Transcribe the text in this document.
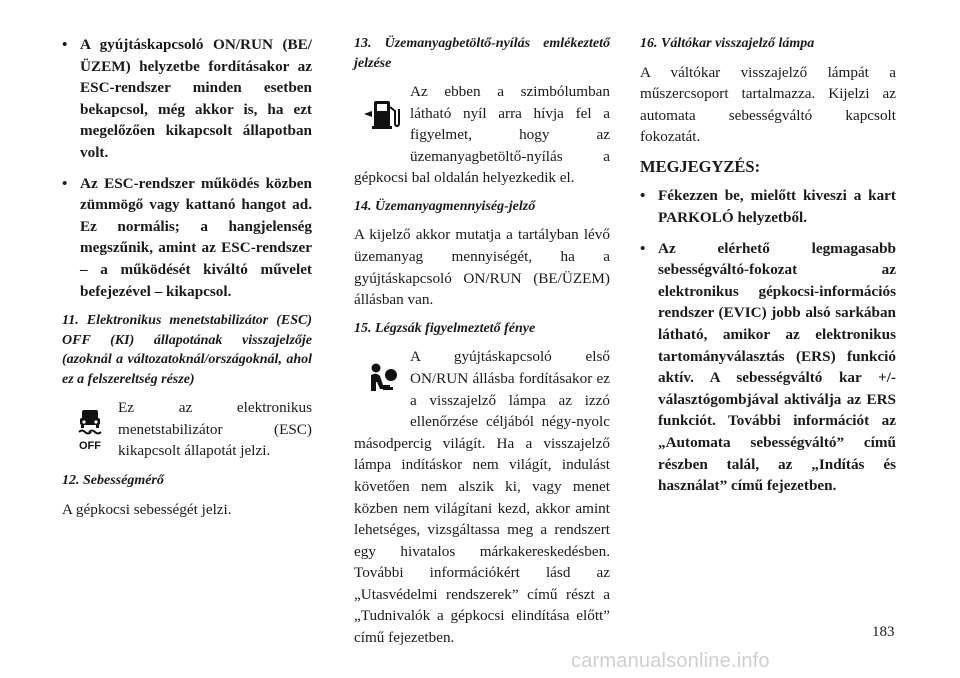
• A gyújtáskapcsoló ON/RUN (BE/ÜZEM) helyzetbe fordításakor az ESC-rendszer minden esetben bekapcsol, még akkor is, ha ezt megelőzően kikapcsolt állapotban volt.
• Az ESC-rendszer működés közben zümmögő vagy kattanó hangot ad. Ez normális; a hangjelenség megszűnik, amint az ESC-rendszer – a működését kiváltó művelet befejezével – kikapcsol.
11. Elektronikus menetstabilizátor (ESC) OFF (KI) állapotának visszajelzője (azoknál a változatoknál/országoknál, ahol ez a felszereltség része)
OFF
Ez az elektronikus menetstabilizátor (ESC) kikapcsolt állapotát jelzi.
12. Sebességmérő
A gépkocsi sebességét jelzi.
13. Üzemanyagbetöltő-nyílás emlékeztető jelzése
Az ebben a szimbólumban látható nyíl arra hívja fel a figyelmet, hogy az üzemanyagbetöltő-nyílás a gépkocsi bal oldalán helyezkedik el.
14. Üzemanyagmennyiség-jelző
A kijelző akkor mutatja a tartályban lévő üzemanyag mennyiségét, ha a gyújtáskapcsoló ON/RUN (BE/ÜZEM) állásban van.
15. Légzsák figyelmeztető fénye
A gyújtáskapcsoló első ON/RUN állásba fordításakor ez a visszajelző lámpa az izzó ellenőrzése céljából négy-nyolc másodpercig világít. Ha a visszajelző lámpa indításkor nem világít, indulást követően nem alszik ki, vagy menet közben nem világítani kezd, akkor amint lehetséges, vizsgáltassa meg a rendszert egy hivatalos márkakereskedésben. További információkért lásd az „Utasvédelmi rendszerek” című részt a „Tudnivalók a gépkocsi elindítása előtt” című fejezetben.
16. Váltókar visszajelző lámpa
A váltókar visszajelző lámpát a műszercsoport tartalmazza. Kijelzi az automata sebességváltó kapcsolt fokozatát.
MEGJEGYZÉS:
• Fékezzen be, mielőtt kiveszi a kart PARKOLÓ helyzetből.
• Az elérhető legmagasabb sebességváltó-fokozat az elektronikus gépkocsi-információs rendszer (EVIC) jobb alsó sarkában látható, amikor az elektronikus tartományválasztás (ERS) funkció aktív. A sebességváltó kar +/- választógombjával aktiválja az ERS funkciót. További információt az „Automata sebességváltó” című részben talál, az „Indítás és használat” című fejezetben.
183
carmanualsonline.info
